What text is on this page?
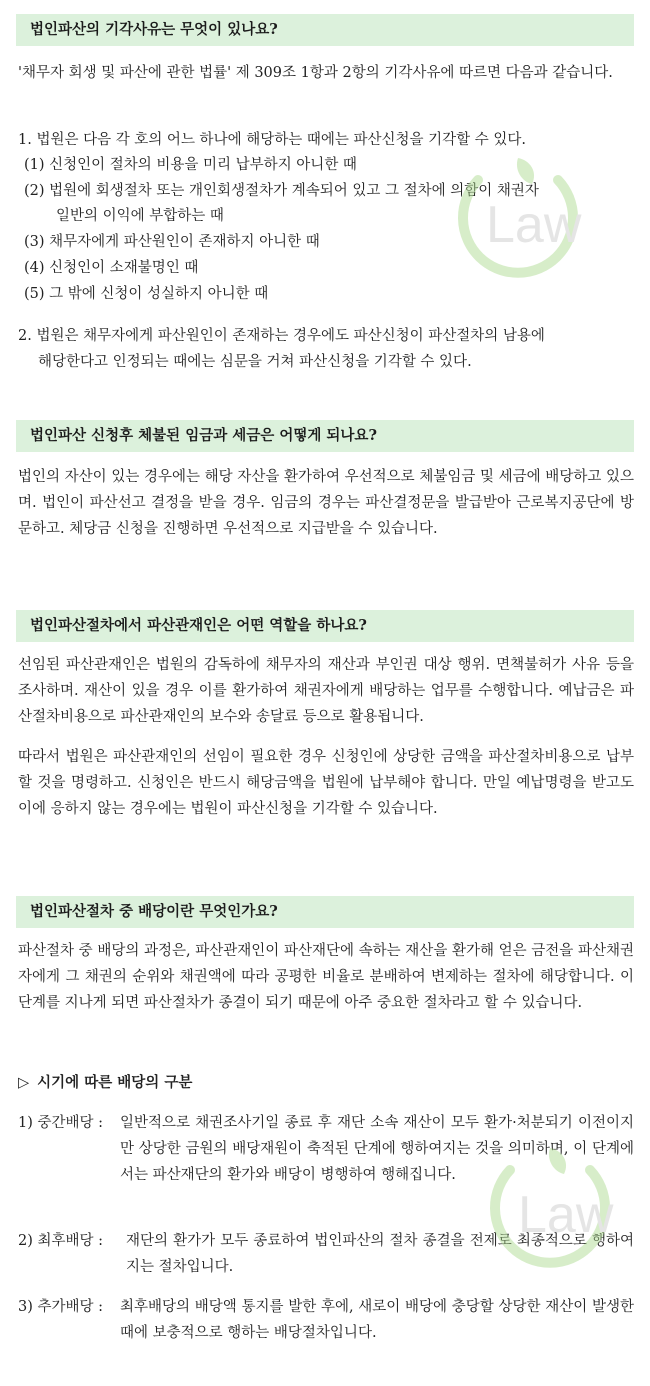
법인파산의 기각사유는 무엇이 있나요?
'채무자 회생 및 파산에 관한 법률' 제 309조 1항과 2항의 기각사유에 따르면 다음과 같습니다.
1. 법원은 다음 각 호의 어느 하나에 해당하는 때에는 파산신청을 기각할 수 있다.
(1) 신청인이 절차의 비용을 미리 납부하지 아니한 때
(2) 법원에 회생절차 또는 개인회생절차가 계속되어 있고 그 절차에 의함이 채권자
일반의 이익에 부합하는 때
(3) 채무자에게 파산원인이 존재하지 아니한 때
(4) 신청인이 소재불명인 때
(5) 그 밖에 신청이 성실하지 아니한 때
2. 법원은 채무자에게 파산원인이 존재하는 경우에도 파산신청이 파산절차의 남용에
해당한다고 인정되는 때에는 심문을 거쳐 파산신청을 기각할 수 있다.
법인파산 신청후 체불된 임금과 세금은 어떻게 되나요?
법인의 자산이 있는 경우에는 해당 자산을 환가하여 우선적으로 체불임금 및 세금에 배당하고 있으며. 법인이 파산선고 결정을 받을 경우. 임금의 경우는 파산결정문을 발급받아 근로복지공단에 방문하고. 체당금 신청을 진행하면 우선적으로 지급받을 수 있습니다.
법인파산절차에서 파산관재인은 어떤 역할을 하나요?
선임된 파산관재인은 법원의 감독하에 채무자의 재산과 부인권 대상 행위. 면책불허가 사유 등을 조사하며. 재산이 있을 경우 이를 환가하여 채권자에게 배당하는 업무를 수행합니다. 예납금은 파산절차비용으로 파산관재인의 보수와 송달료 등으로 활용됩니다.
따라서 법원은 파산관재인의 선임이 필요한 경우 신청인에 상당한 금액을 파산절차비용으로 납부할 것을 명령하고. 신청인은 반드시 해당금액을 법원에 납부해야 합니다. 만일 예납명령을 받고도 이에 응하지 않는 경우에는 법원이 파산신청을 기각할 수 있습니다.
법인파산절차 중 배당이란 무엇인가요?
파산절차 중 배당의 과정은, 파산관재인이 파산재단에 속하는 재산을 환가해 얻은 금전을 파산채권자에게 그 채권의 순위와 채권액에 따라 공평한 비율로 분배하여 변제하는 절차에 해당합니다. 이 단계를 지나게 되면 파산절차가 종결이 되기 때문에 아주 중요한 절차라고 할 수 있습니다.
▷ 시기에 따른 배당의 구분
1) 중간배당 : 일반적으로 채권조사기일 종료 후 재단 소속 재산이 모두 환가·처분되기 이전이지만 상당한 금원의 배당재원이 축적된 단계에 행하여지는 것을 의미하며, 이 단계에서는 파산재단의 환가와 배당이 병행하여 행해집니다.
2) 최후배당 : 재단의 환가가 모두 종료하여 법인파산의 절차 종결을 전제로 최종적으로 행하여지는 절차입니다.
3) 추가배당 : 최후배당의 배당액 통지를 발한 후에, 새로이 배당에 충당할 상당한 재산이 발생한 때에 보충적으로 행하는 배당절차입니다.
Law
Law
